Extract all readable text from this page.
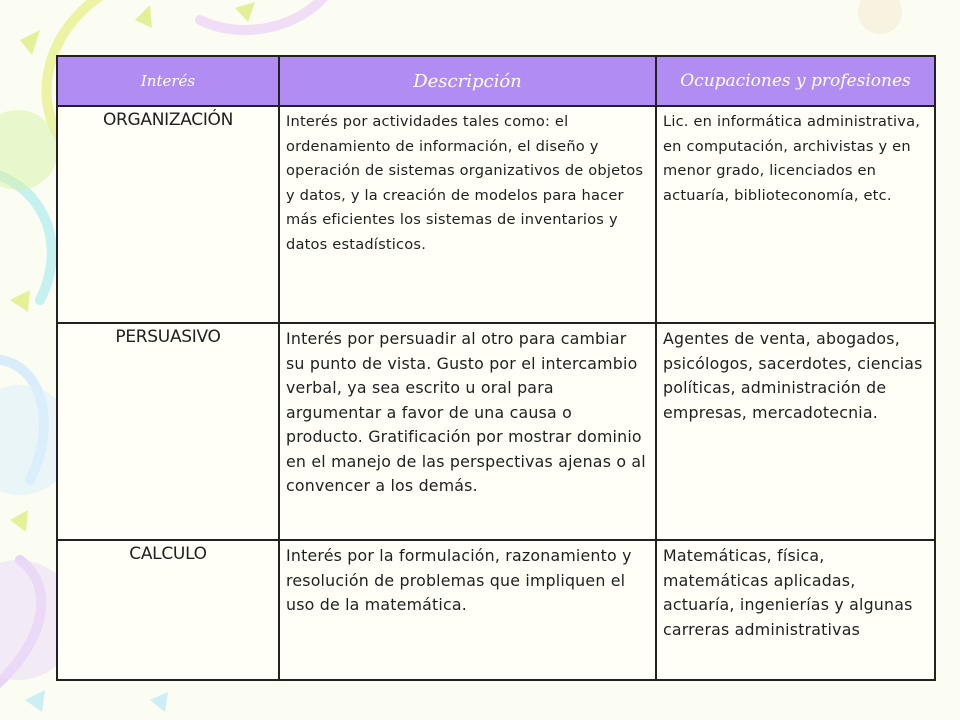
Interés	Descripción	Ocupaciones y profesiones
ORGANIZACIÓN	Interés por actividades tales como: el ordenamiento de información, el diseño y operación de sistemas organizativos de objetos y datos, y la creación de modelos para hacer más eficientes los sistemas de inventarios y datos estadísticos.	Lic. en informática administrativa, en computación, archivistas y en menor grado, licenciados en actuaría, biblioteconomía, etc.
PERSUASIVO	Interés por persuadir al otro para cambiar su punto de vista. Gusto por el intercambio verbal, ya sea escrito u oral para argumentar a favor de una causa o producto. Gratificación por mostrar dominio en el manejo de las perspectivas ajenas o al convencer a los demás.	Agentes de venta, abogados, psicólogos, sacerdotes, ciencias políticas, administración de empresas, mercadotecnia.
CALCULO	Interés por la formulación, razonamiento y resolución de problemas que impliquen el uso de la matemática.	Matemáticas, física, matemáticas aplicadas, actuaría, ingenierías y algunas carreras administrativas
